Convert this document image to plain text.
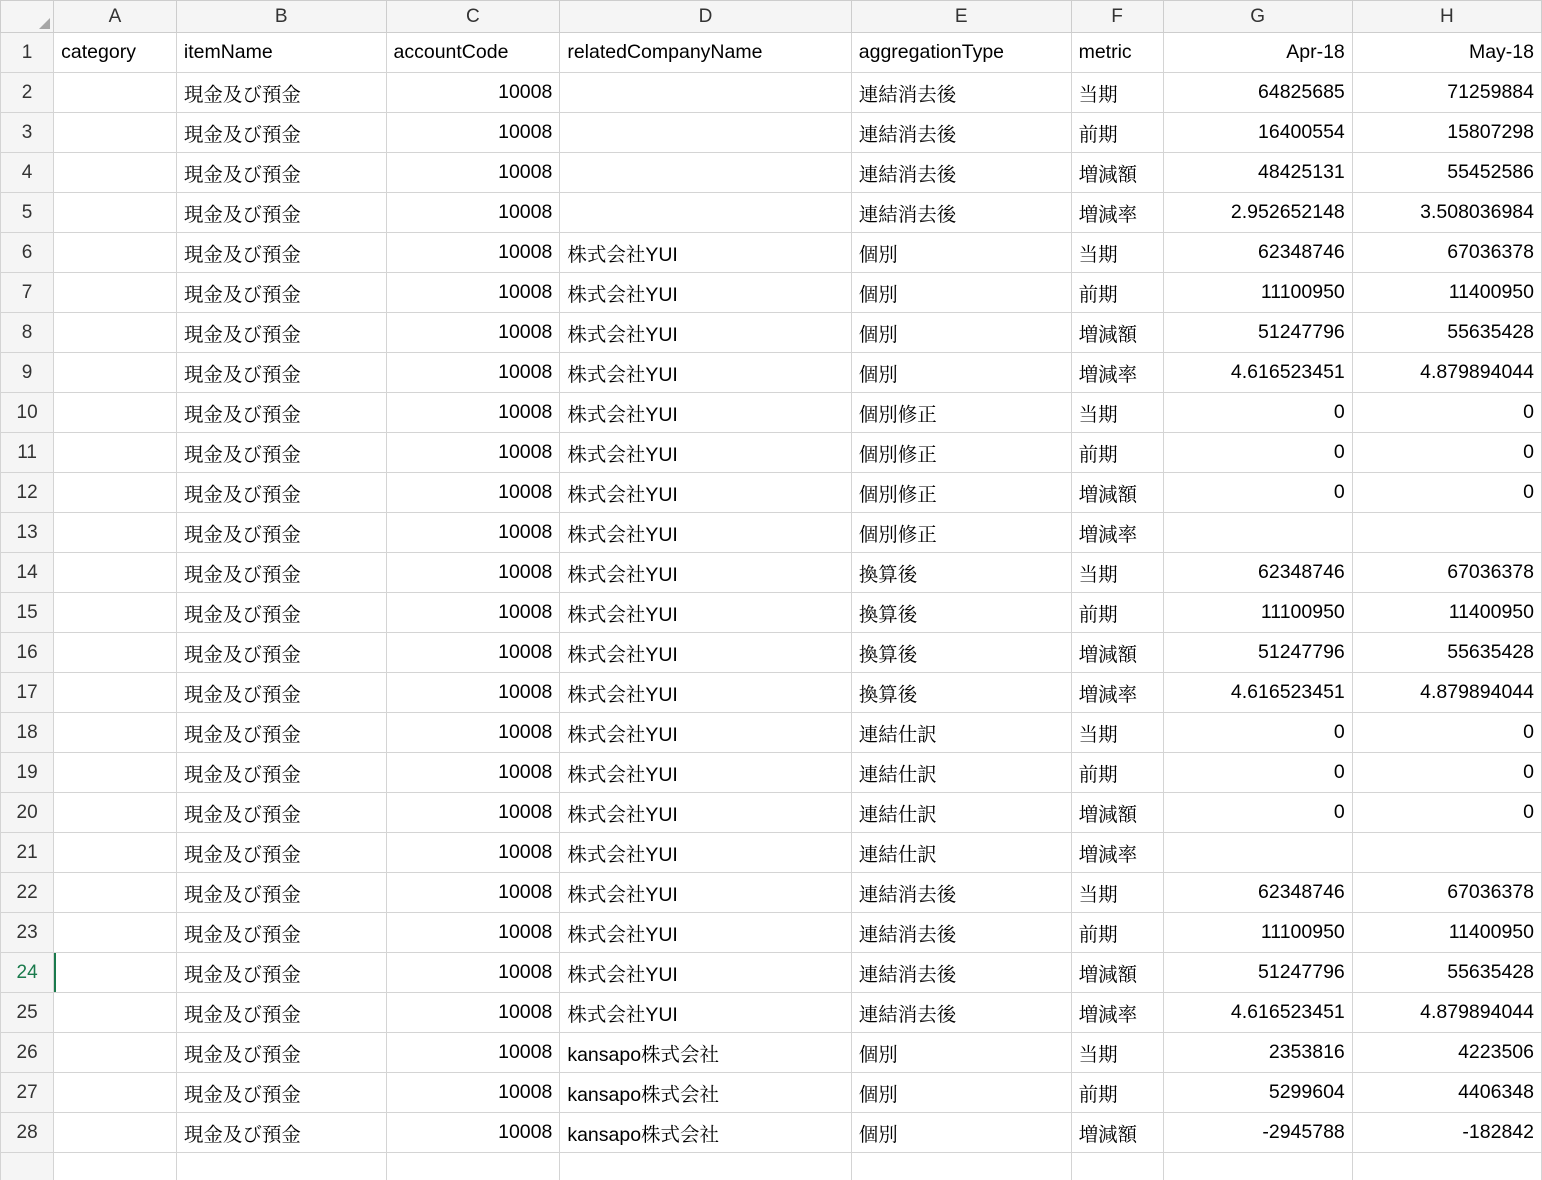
	A	B	C	D	E	F	G	H
1	category	itemName	accountCode	relatedCompanyName	aggregationType	metric	Apr-18	May-18
2		現金及び預金	10008		連結消去後	当期	64825685	71259884
3		現金及び預金	10008		連結消去後	前期	16400554	15807298
4		現金及び預金	10008		連結消去後	増減額	48425131	55452586
5		現金及び預金	10008		連結消去後	増減率	2.952652148	3.508036984
6		現金及び預金	10008	株式会社YUI	個別	当期	62348746	67036378
7		現金及び預金	10008	株式会社YUI	個別	前期	11100950	11400950
8		現金及び預金	10008	株式会社YUI	個別	増減額	51247796	55635428
9		現金及び預金	10008	株式会社YUI	個別	増減率	4.616523451	4.879894044
10		現金及び預金	10008	株式会社YUI	個別修正	当期	0	0
11		現金及び預金	10008	株式会社YUI	個別修正	前期	0	0
12		現金及び預金	10008	株式会社YUI	個別修正	増減額	0	0
13		現金及び預金	10008	株式会社YUI	個別修正	増減率		
14		現金及び預金	10008	株式会社YUI	換算後	当期	62348746	67036378
15		現金及び預金	10008	株式会社YUI	換算後	前期	11100950	11400950
16		現金及び預金	10008	株式会社YUI	換算後	増減額	51247796	55635428
17		現金及び預金	10008	株式会社YUI	換算後	増減率	4.616523451	4.879894044
18		現金及び預金	10008	株式会社YUI	連結仕訳	当期	0	0
19		現金及び預金	10008	株式会社YUI	連結仕訳	前期	0	0
20		現金及び預金	10008	株式会社YUI	連結仕訳	増減額	0	0
21		現金及び預金	10008	株式会社YUI	連結仕訳	増減率		
22		現金及び預金	10008	株式会社YUI	連結消去後	当期	62348746	67036378
23		現金及び預金	10008	株式会社YUI	連結消去後	前期	11100950	11400950
24		現金及び預金	10008	株式会社YUI	連結消去後	増減額	51247796	55635428
25		現金及び預金	10008	株式会社YUI	連結消去後	増減率	4.616523451	4.879894044
26		現金及び預金	10008	kansapo株式会社	個別	当期	2353816	4223506
27		現金及び預金	10008	kansapo株式会社	個別	前期	5299604	4406348
28		現金及び預金	10008	kansapo株式会社	個別	増減額	-2945788	-182842
